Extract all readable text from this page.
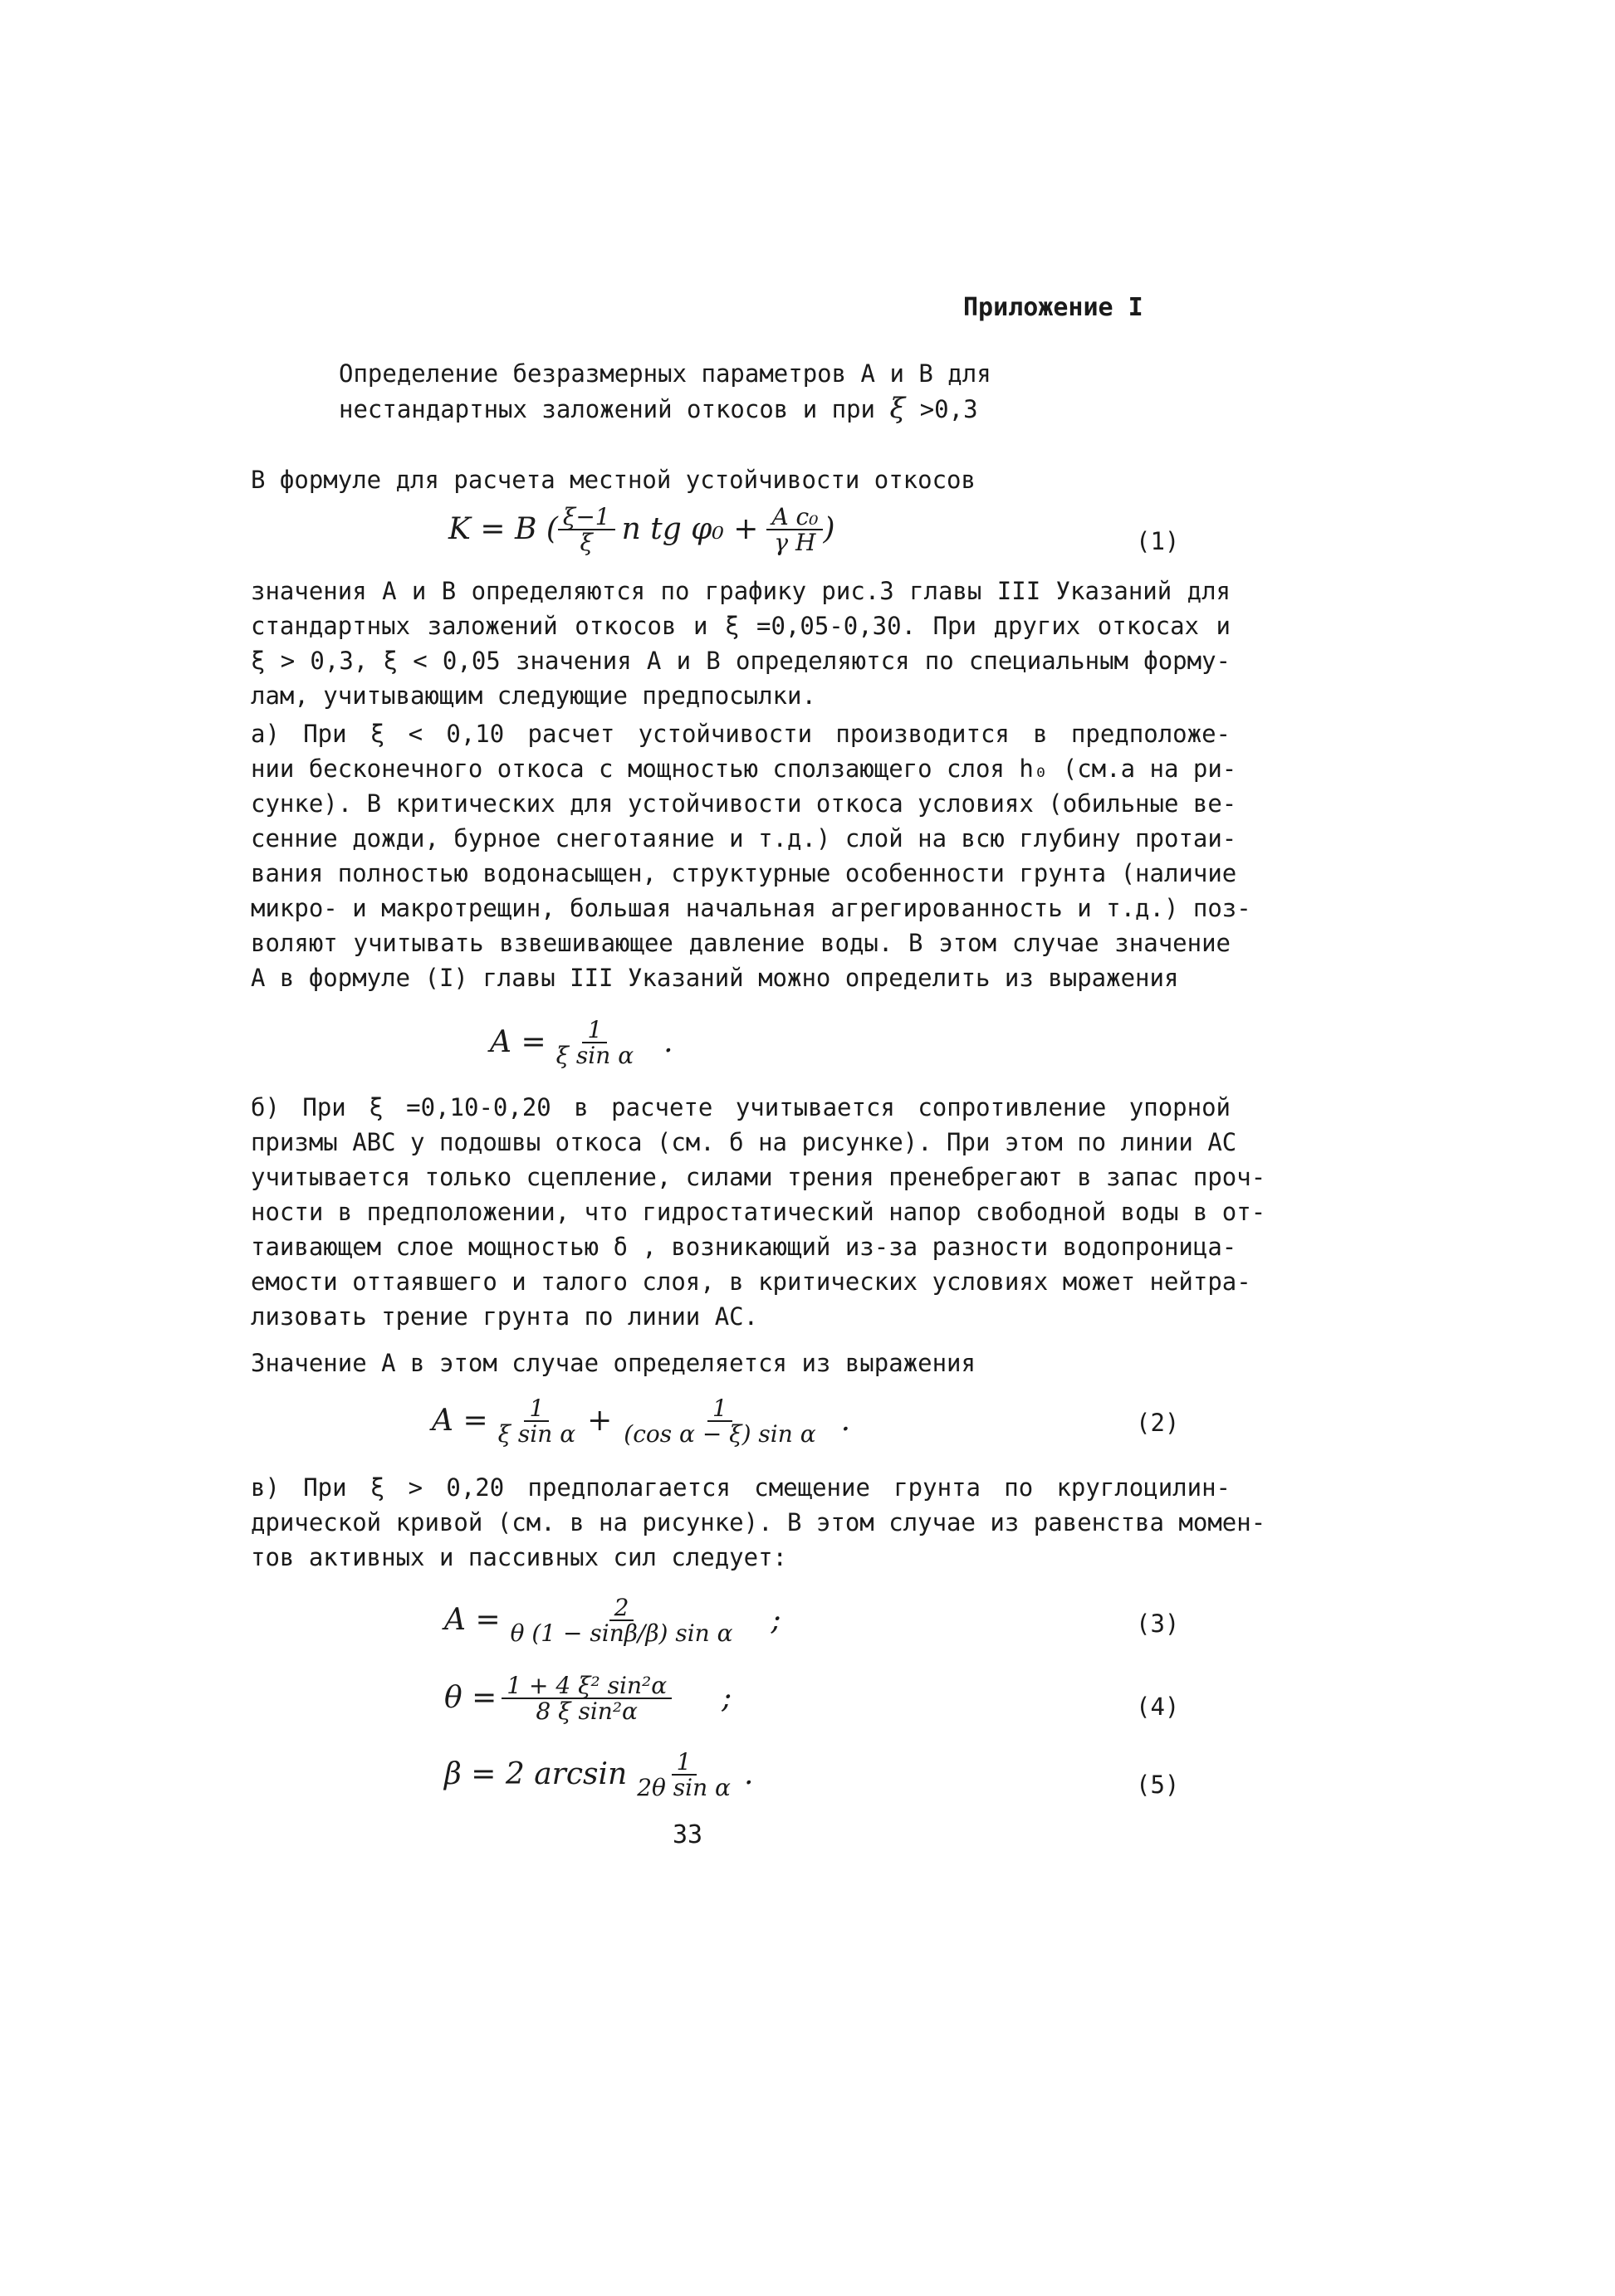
Приложение I
Определение безразмерных параметров А и В для
нестандартных заложений откосов и при ξ >0,3
В формуле для расчета местной устойчивости откосов
K = B ( $\frac{\xi-1}{\xi}$ n tg $\varphi_0 + \frac{\text{A c₀}}{\text{γ H}}$ )	(1)
значения А и В определяются по графику рис.3 главы III Указаний для
стандартных заложений откосов и ξ =0,05-0,30. При других откосах и
ξ > 0,3, ξ < 0,05 значения А и В определяются по специальным форму-
лам, учитывающим следующие предпосылки.
а) При ξ < 0,10 расчет устойчивости производится в предположе-
нии бесконечного откоса с мощностью сползающего слоя h₀ (см.а на ри-
сунке). В критических для устойчивости откоса условиях (обильные ве-
сенние дожди, бурное снеготаяние и т.д.) слой на всю глубину протаи-
вания полностью водонасыщен, структурные особенности грунта (наличие
микро- и макротрещин, большая начальная агрегированность и т.д.) поз-
воляют учитывать взвешивающее давление воды. В этом случае значение
А в формуле (I) главы III Указаний можно определить из выражения
$A = \frac{1}{\text{ξ sin α}}$ .
б) При ξ =0,10-0,20 в расчете учитывается сопротивление упорной
призмы АВС у подошвы откоса (см. б на рисунке). При этом по линии АС
учитывается только сцепление, силами трения пренебрегают в запас проч-
ности в предположении, что гидростатический напор свободной воды в от-
таивающем слое мощностью δ , возникающий из-за разности водопроница-
емости оттаявшего и талого слоя, в критических условиях может нейтра-
лизовать трение грунта по линии АС.
Значение А в этом случае определяется из выражения
$A = \frac{1}{\text{ξ sin α}} + \frac{1}{\text{(cos α − ξ) sin α}}$ .	(2)
в) При ξ > 0,20 предполагается смещение грунта по круглоцилин-
дрической кривой (см. в на рисунке). В этом случае из равенства момен-
тов активных и пассивных сил следует:
$A = \frac{2}{\text{θ (1 − sinβ/β) sin α}}$ ;	(3)
$\theta = \frac{\text{1 + 4 ξ² sin²α}}{\text{8 ξ sin²α}}$ ;	(4)
β = 2 $\arcsin \frac{1}{\text{2θ sin α}}$ .	(5)
33
